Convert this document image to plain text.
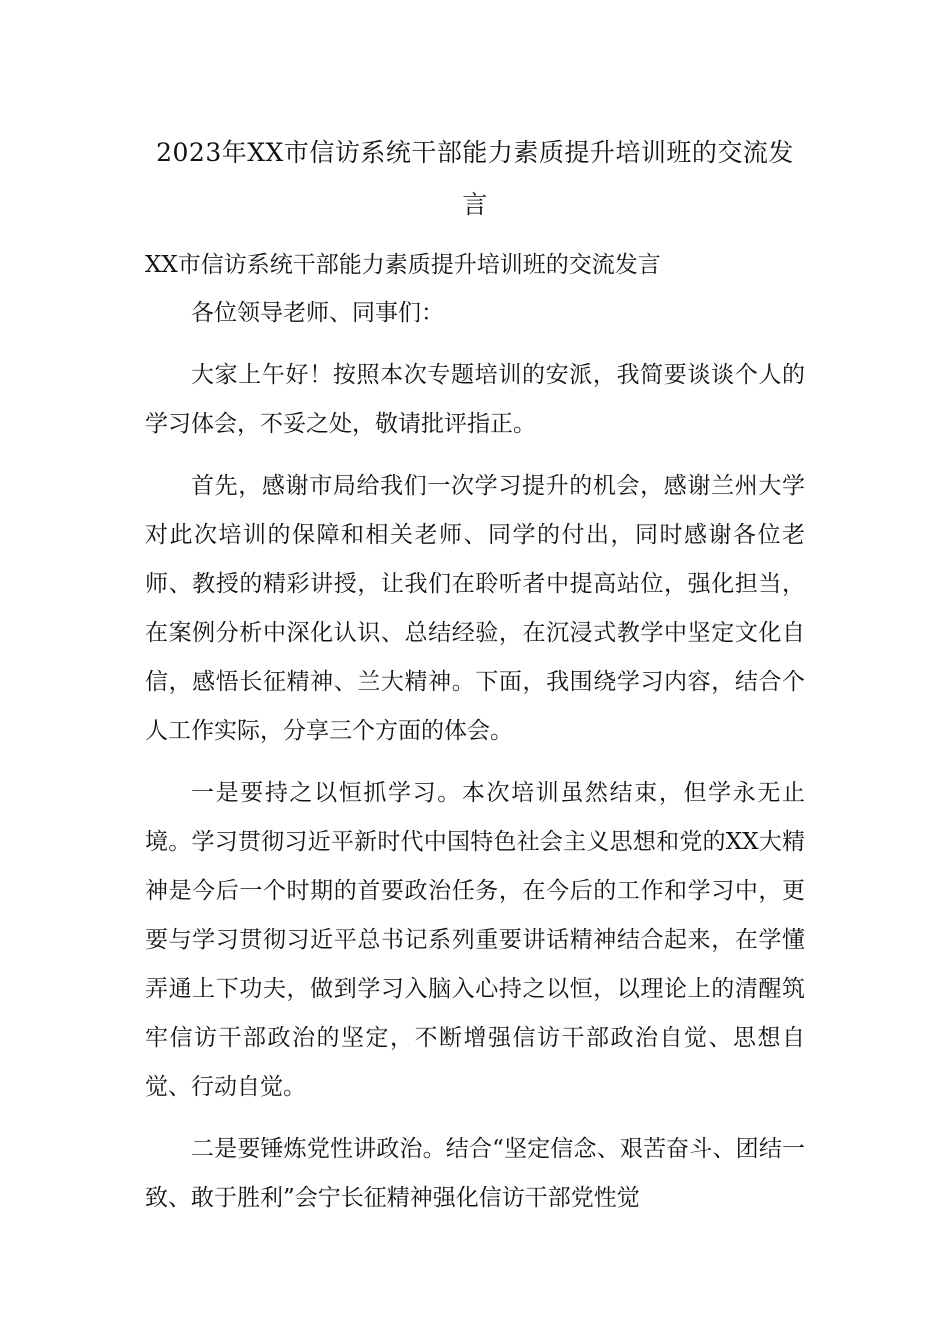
2023年XX市信访系统干部能力素质提升培训班的交流发言

XX市信访系统干部能力素质提升培训班的交流发言

各位领导老师、同事们：

大家上午好！按照本次专题培训的安派，我简要谈谈个人的学习体会，不妥之处，敬请批评指正。

首先，感谢市局给我们一次学习提升的机会，感谢兰州大学对此次培训的保障和相关老师、同学的付出，同时感谢各位老师、教授的精彩讲授，让我们在聆听者中提高站位，强化担当，在案例分析中深化认识、总结经验，在沉浸式教学中坚定文化自信，感悟长征精神、兰大精神。下面，我围绕学习内容，结合个人工作实际，分享三个方面的体会。

一是要持之以恒抓学习。本次培训虽然结束，但学永无止境。学习贯彻习近平新时代中国特色社会主义思想和党的XX大精神是今后一个时期的首要政治任务，在今后的工作和学习中，更要与学习贯彻习近平总书记系列重要讲话精神结合起来，在学懂弄通上下功夫，做到学习入脑入心持之以恒，以理论上的清醒筑牢信访干部政治的坚定，不断增强信访干部政治自觉、思想自觉、行动自觉。

二是要锤炼党性讲政治。结合“坚定信念、艰苦奋斗、团结一致、敢于胜利”会宁长征精神强化信访干部党性觉
